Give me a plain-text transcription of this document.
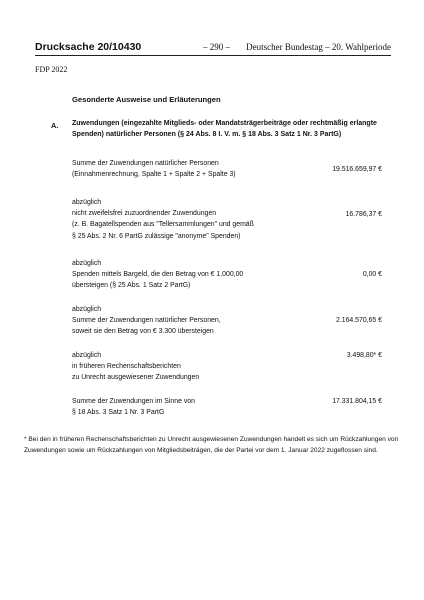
Drucksache 20/10430	– 290 – Deutscher Bundestag – 20. Wahlperiode
FDP 2022
Gesonderte Ausweise und Erläuterungen
A. Zuwendungen (eingezahlte Mitglieds- oder Mandatsträgerbeiträge oder rechtmäßig erlangte Spenden) natürlicher Personen (§ 24 Abs. 8 I. V. m. § 18 Abs. 3 Satz 1 Nr. 3 PartG)
Summe der Zuwendungen natürlicher Personen
(Einnahmenrechnung, Spalte 1 + Spalte 2 + Spalte 3)
19.516.659,97 €
abzüglich
nicht zweifelsfrei zuzuordnender Zuwendungen
(z. B. Bagatellspenden aus "Tellersammlungen" und gemäß
§ 25 Abs. 2 Nr. 6 PartG zulässige "anonyme" Spenden)
16.786,37 €
abzüglich
Spenden mittels Bargeld, die den Betrag von € 1.000,00
übersteigen (§ 25 Abs. 1 Satz 2 PartG)
0,00 €
abzüglich
Summe der Zuwendungen natürlicher Personen,
soweit sie den Betrag von € 3.300 übersteigen
2.164.570,65 €
abzüglich
in früheren Rechenschaftsberichten
zu Unrecht ausgewiesener Zuwendungen
3.498,80* €
Summe der Zuwendungen im Sinne von
§ 18 Abs. 3 Satz 1 Nr. 3 PartG
17.331.804,15 €
* Bei den in früheren Rechenschaftsberichten zu Unrecht ausgewiesenen Zuwendungen handelt es sich um Rückzahlungen von Zuwendungen sowie um Rückzahlungen von Mitgliedsbeiträgen, die der Partei vor dem 1. Januar 2022 zugeflossen sind.
